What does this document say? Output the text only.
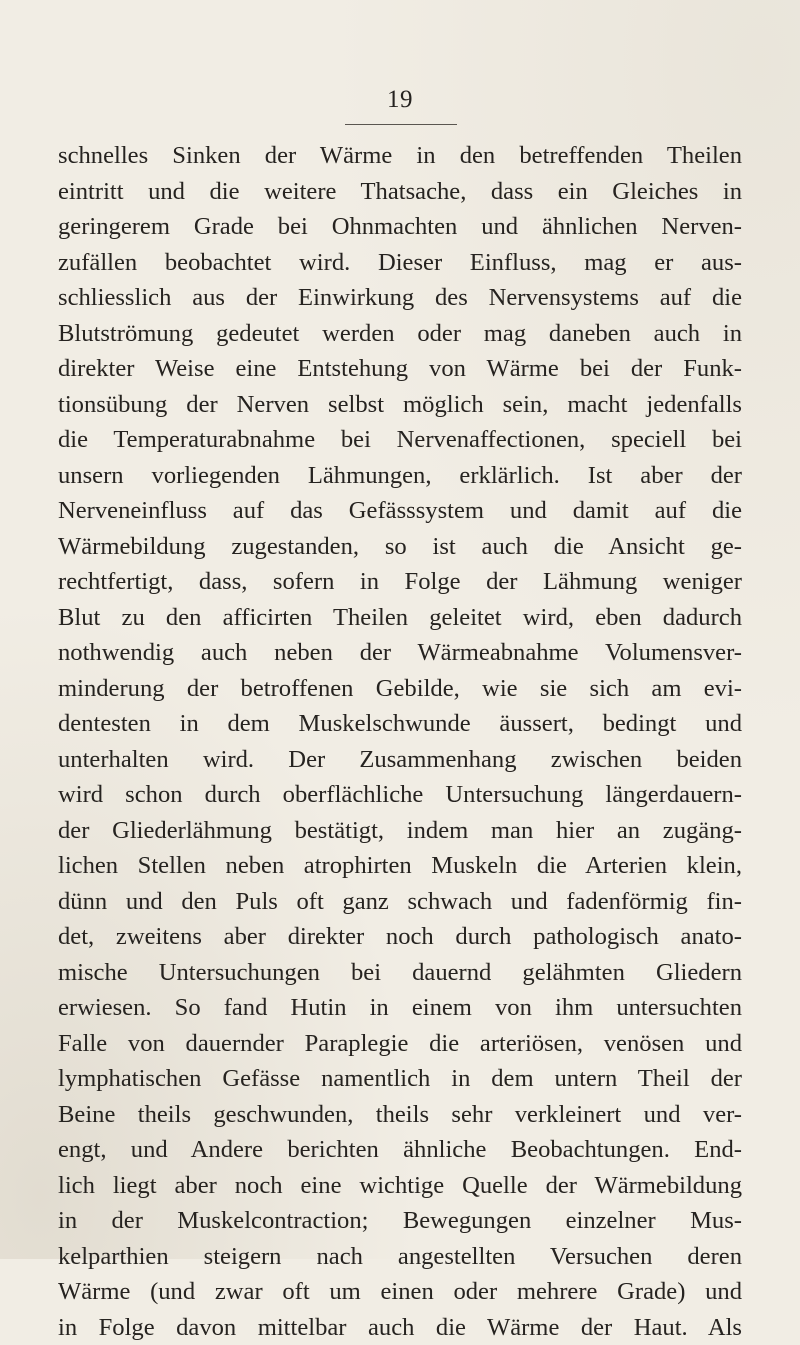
19
schnelles Sinken der Wärme in den betreffenden Theilen
eintritt und die weitere Thatsache, dass ein Gleiches in
geringerem Grade bei Ohnmachten und ähnlichen Nerven-
zufällen beobachtet wird. Dieser Einfluss, mag er aus-
schliesslich aus der Einwirkung des Nervensystems auf die
Blutströmung gedeutet werden oder mag daneben auch in
direkter Weise eine Entstehung von Wärme bei der Funk-
tionsübung der Nerven selbst möglich sein, macht jedenfalls
die Temperaturabnahme bei Nervenaffectionen, speciell bei
unsern vorliegenden Lähmungen, erklärlich. Ist aber der
Nerveneinfluss auf das Gefässsystem und damit auf die
Wärmebildung zugestanden, so ist auch die Ansicht ge-
rechtfertigt, dass, sofern in Folge der Lähmung weniger
Blut zu den afficirten Theilen geleitet wird, eben dadurch
nothwendig auch neben der Wärmeabnahme Volumensver-
minderung der betroffenen Gebilde, wie sie sich am evi-
dentesten in dem Muskelschwunde äussert, bedingt und
unterhalten wird. Der Zusammenhang zwischen beiden
wird schon durch oberflächliche Untersuchung längerdauern-
der Gliederlähmung bestätigt, indem man hier an zugäng-
lichen Stellen neben atrophirten Muskeln die Arterien klein,
dünn und den Puls oft ganz schwach und fadenförmig fin-
det, zweitens aber direkter noch durch pathologisch anato-
mische Untersuchungen bei dauernd gelähmten Gliedern
erwiesen. So fand Hutin in einem von ihm untersuchten
Falle von dauernder Paraplegie die arteriösen, venösen und
lymphatischen Gefässe namentlich in dem untern Theil der
Beine theils geschwunden, theils sehr verkleinert und ver-
engt, und Andere berichten ähnliche Beobachtungen. End-
lich liegt aber noch eine wichtige Quelle der Wärmebildung
in der Muskelcontraction; Bewegungen einzelner Mus-
kelparthien steigern nach angestellten Versuchen deren
Wärme (und zwar oft um einen oder mehrere Grade) und
in Folge davon mittelbar auch die Wärme der Haut. Als
